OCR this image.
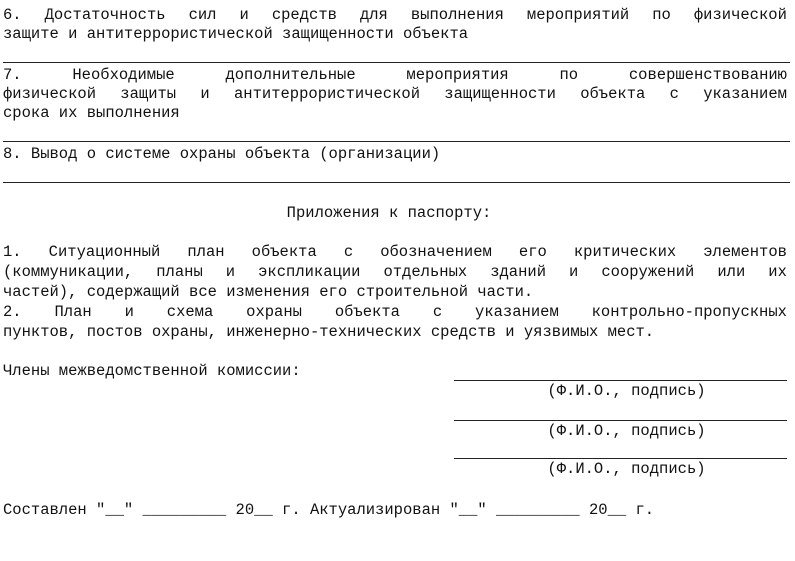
6. Достаточность сил и средств для выполнения мероприятий по физической
защите и антитеррористической защищенности объекта
7.	Необходимые	дополнительные	мероприятия	по	совершенствованию
физической защиты и антитеррористической защищенности объекта с указанием
срока их выполнения
8. Вывод о системе охраны объекта (организации)
Приложения к паспорту:
1. Ситуационный план объекта с обозначением его критических элементов
(коммуникации, планы и экспликации отдельных зданий и сооружений или их
частей), содержащий все изменения его строительной части.
2. План и схема охраны объекта с указанием контрольно-пропускных
пунктов, постов охраны, инженерно-технических средств и уязвимых мест.
Члены межведомственной комиссии:
(Ф.И.О., подпись)
(Ф.И.О., подпись)
(Ф.И.О., подпись)
Составлен "__" _________ 20__ г. Актуализирован "__" _________ 20__ г.
